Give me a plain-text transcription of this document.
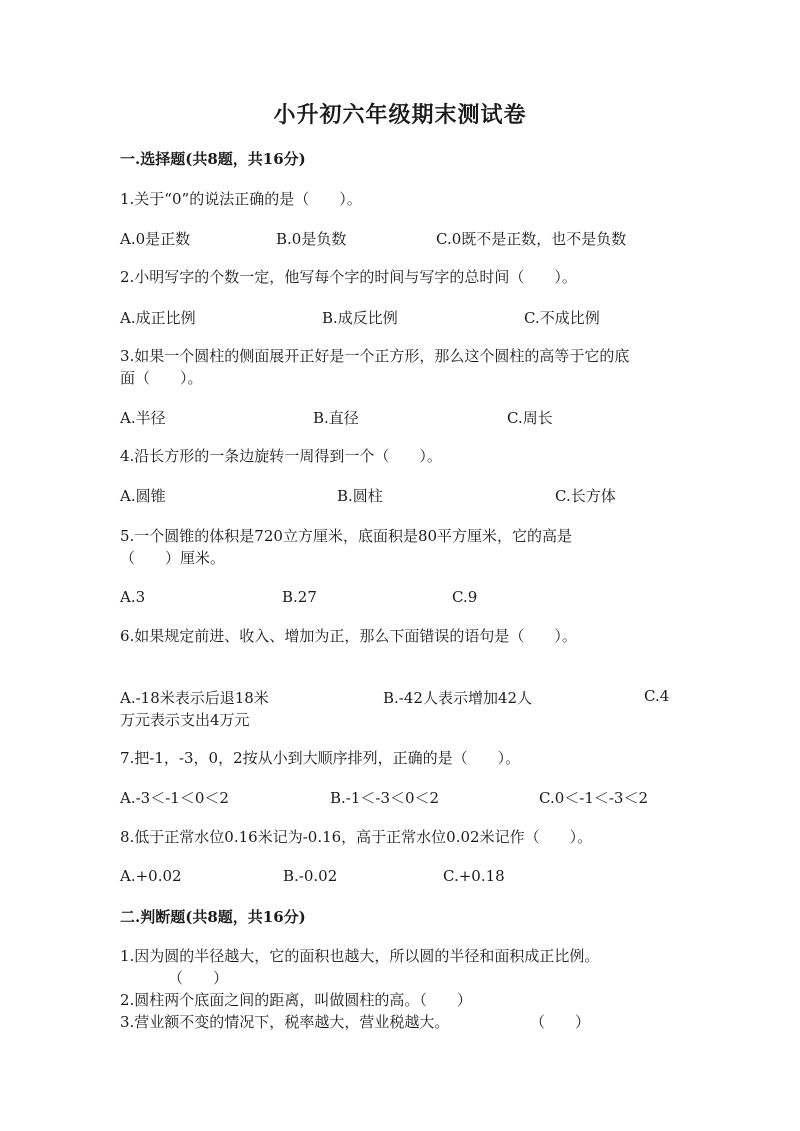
小升初六年级期末测试卷
一.选择题(共8题，共16分)
1.关于“0”的说法正确的是（　　）。
A.0是正数	B.0是负数	C.0既不是正数，也不是负数
2.小明写字的个数一定，他写每个字的时间与写字的总时间（　　）。
A.成正比例	B.成反比例	C.不成比例
3.如果一个圆柱的侧面展开正好是一个正方形，那么这个圆柱的高等于它的底
面（　　）。
A.半径	B.直径	C.周长
4.沿长方形的一条边旋转一周得到一个（　　）。
A.圆锥	B.圆柱	C.长方体
5.一个圆锥的体积是720立方厘米，底面积是80平方厘米，它的高是
（　　）厘米。
A.3	B.27	C.9
6.如果规定前进、收入、增加为正，那么下面错误的语句是（　　）。
A.-18米表示后退18米	B.-42人表示增加42人	C.4
万元表示支出4万元
7.把-1，-3，0，2按从小到大顺序排列，正确的是（　　）。
A.-3＜-1＜0＜2	B.-1＜-3＜0＜2	C.0＜-1＜-3＜2
8.低于正常水位0.16米记为-0.16，高于正常水位0.02米记作（　　）。
A.+0.02	B.-0.02	C.+0.18
二.判断题(共8题，共16分)
1.因为圆的半径越大，它的面积也越大，所以圆的半径和面积成正比例。
（　　）
2.圆柱两个底面之间的距离，叫做圆柱的高。（　　）
3.营业额不变的情况下，税率越大，营业税越大。	（　　）
